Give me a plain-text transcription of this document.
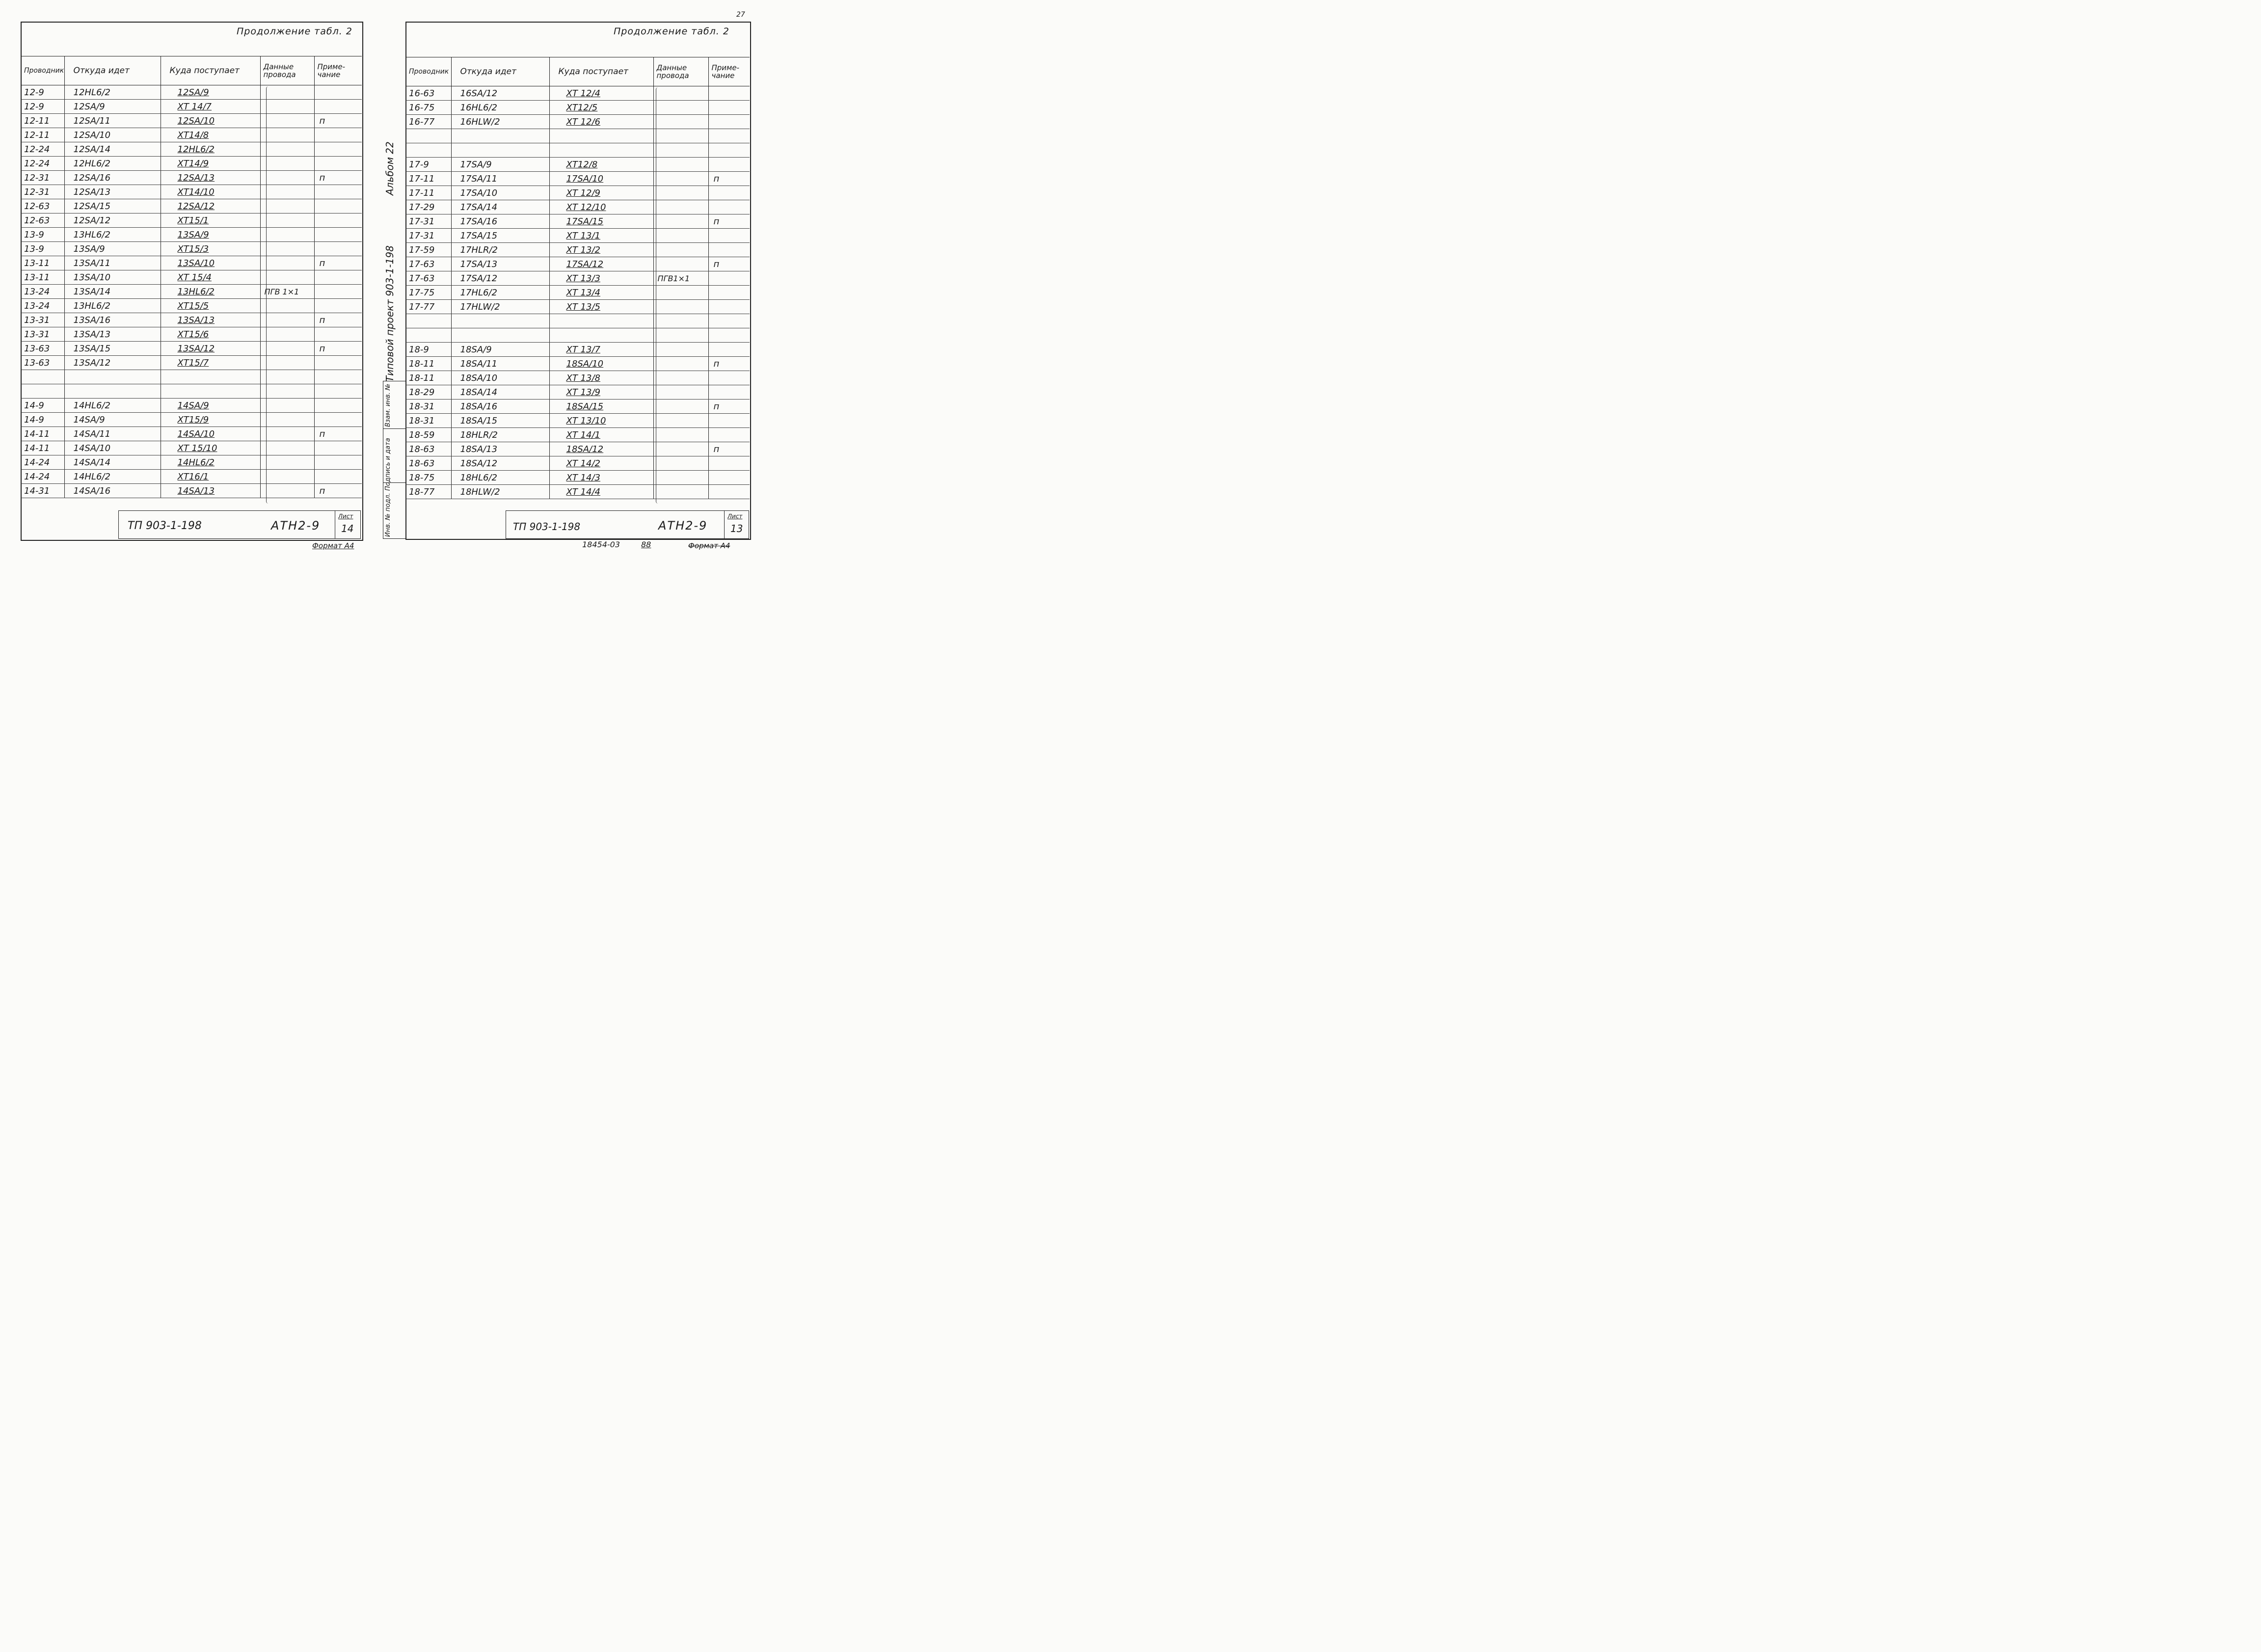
27
Продолжение табл. 2
Проводник	Откуда идет	Куда поступает	Данные провода	Приме-чание
12-9	12HL6/2	12SA/9		
12-9	12SA/9	XT 14/7		
12-11	12SA/11	12SA/10		п
12-11	12SA/10	XT14/8		
12-24	12SA/14	12HL6/2		
12-24	12HL6/2	XT14/9		
12-31	12SA/16	12SA/13		п
12-31	12SA/13	XT14/10		
12-63	12SA/15	12SA/12		
12-63	12SA/12	XT15/1		
13-9	13HL6/2	13SA/9		
13-9	13SA/9	XT15/3		
13-11	13SA/11	13SA/10		п
13-11	13SA/10	XT 15/4		
13-24	13SA/14	13HL6/2	ПГВ 1×1	
13-24	13HL6/2	XT15/5		
13-31	13SA/16	13SA/13		п
13-31	13SA/13	XT15/6		
13-63	13SA/15	13SA/12		п
13-63	13SA/12	XT15/7		

14-9	14HL6/2	14SA/9		
14-9	14SA/9	XT15/9		
14-11	14SA/11	14SA/10		п
14-11	14SA/10	XT 15/10		
14-24	14SA/14	14HL6/2		
14-24	14HL6/2	XT16/1		
14-31	14SA/16	14SA/13		п
ТП 903-1-198	АТН2-9
Лист
14
Формат А4
Альбом 22
Типовой проект 903-1-198
Взам. инв. №
Подпись и дата
Инв. № подл.
Продолжение табл. 2
Проводник	Откуда идет	Куда поступает	Данные провода	Приме-чание
16-63	16SA/12	XT 12/4		
16-75	16HL6/2	XT12/5		
16-77	16HLW/2	XT 12/6		

17-9	17SA/9	XT12/8		
17-11	17SA/11	17SA/10		п
17-11	17SA/10	XT 12/9		
17-29	17SA/14	XT 12/10		
17-31	17SA/16	17SA/15		п
17-31	17SA/15	XT 13/1		
17-59	17HLR/2	XT 13/2		
17-63	17SA/13	17SA/12		п
17-63	17SA/12	XT 13/3	ПГВ1×1	
17-75	17HL6/2	XT 13/4		
17-77	17HLW/2	XT 13/5		

18-9	18SA/9	XT 13/7		
18-11	18SA/11	18SA/10		п
18-11	18SA/10	XT 13/8		
18-29	18SA/14	XT 13/9		
18-31	18SA/16	18SA/15		п
18-31	18SA/15	XT 13/10		
18-59	18HLR/2	XT 14/1		
18-63	18SA/13	18SA/12		п
18-63	18SA/12	XT 14/2		
18-75	18HL6/2	XT 14/3		
18-77	18HLW/2	XT 14/4		
ТП 903-1-198	АТН2-9
Лист
13
18454-03	88	Формат А4
